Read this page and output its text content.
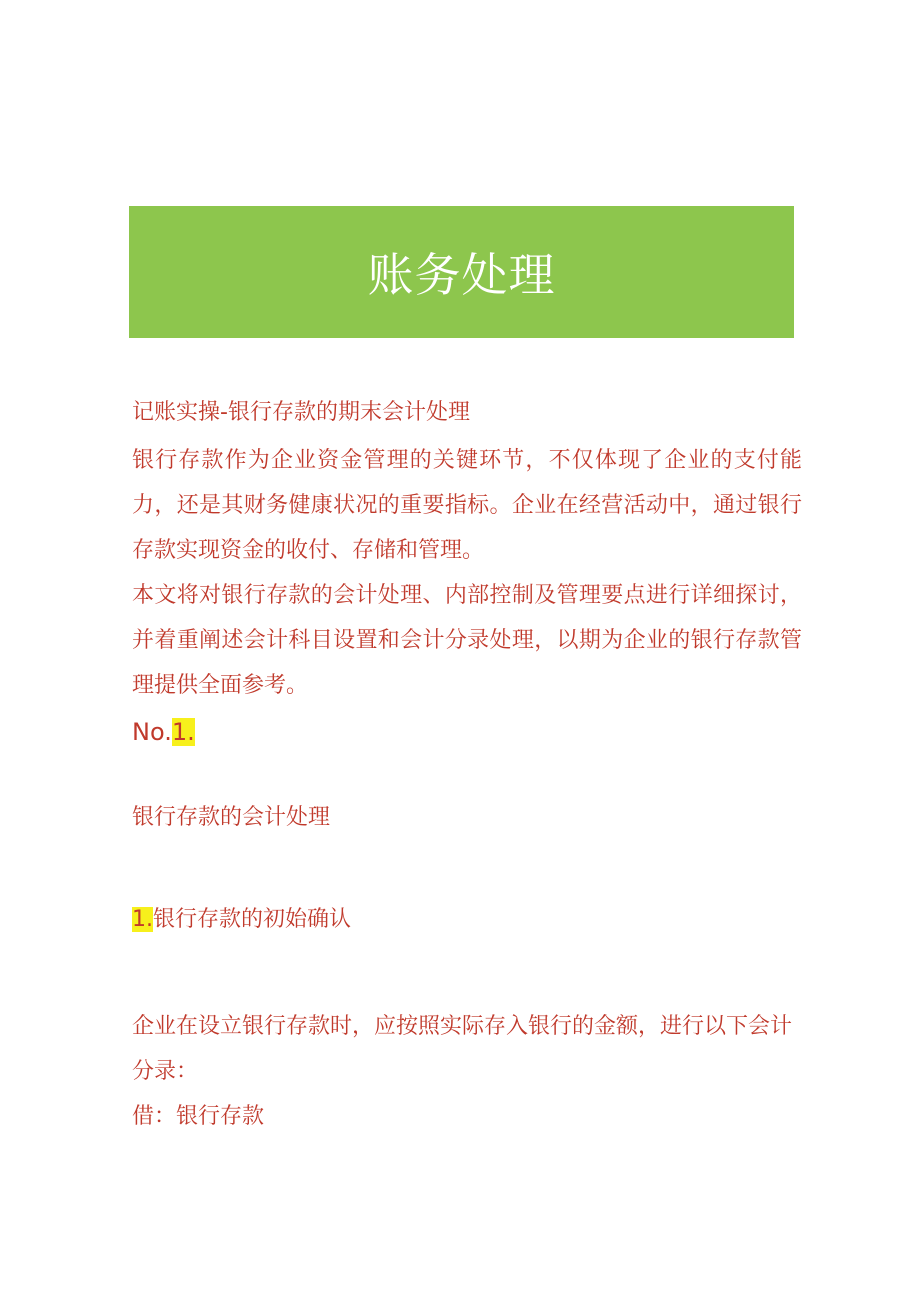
账务处理

记账实操-银行存款的期末会计处理

银行存款作为企业资金管理的关键环节，不仅体现了企业的支付能力，还是其财务健康状况的重要指标。企业在经营活动中，通过银行存款实现资金的收付、存储和管理。

本文将对银行存款的会计处理、内部控制及管理要点进行详细探讨，并着重阐述会计科目设置和会计分录处理，以期为企业的银行存款管理提供全面参考。

No.1.

银行存款的会计处理

1.银行存款的初始确认

企业在设立银行存款时，应按照实际存入银行的金额，进行以下会计分录：

借：银行存款
